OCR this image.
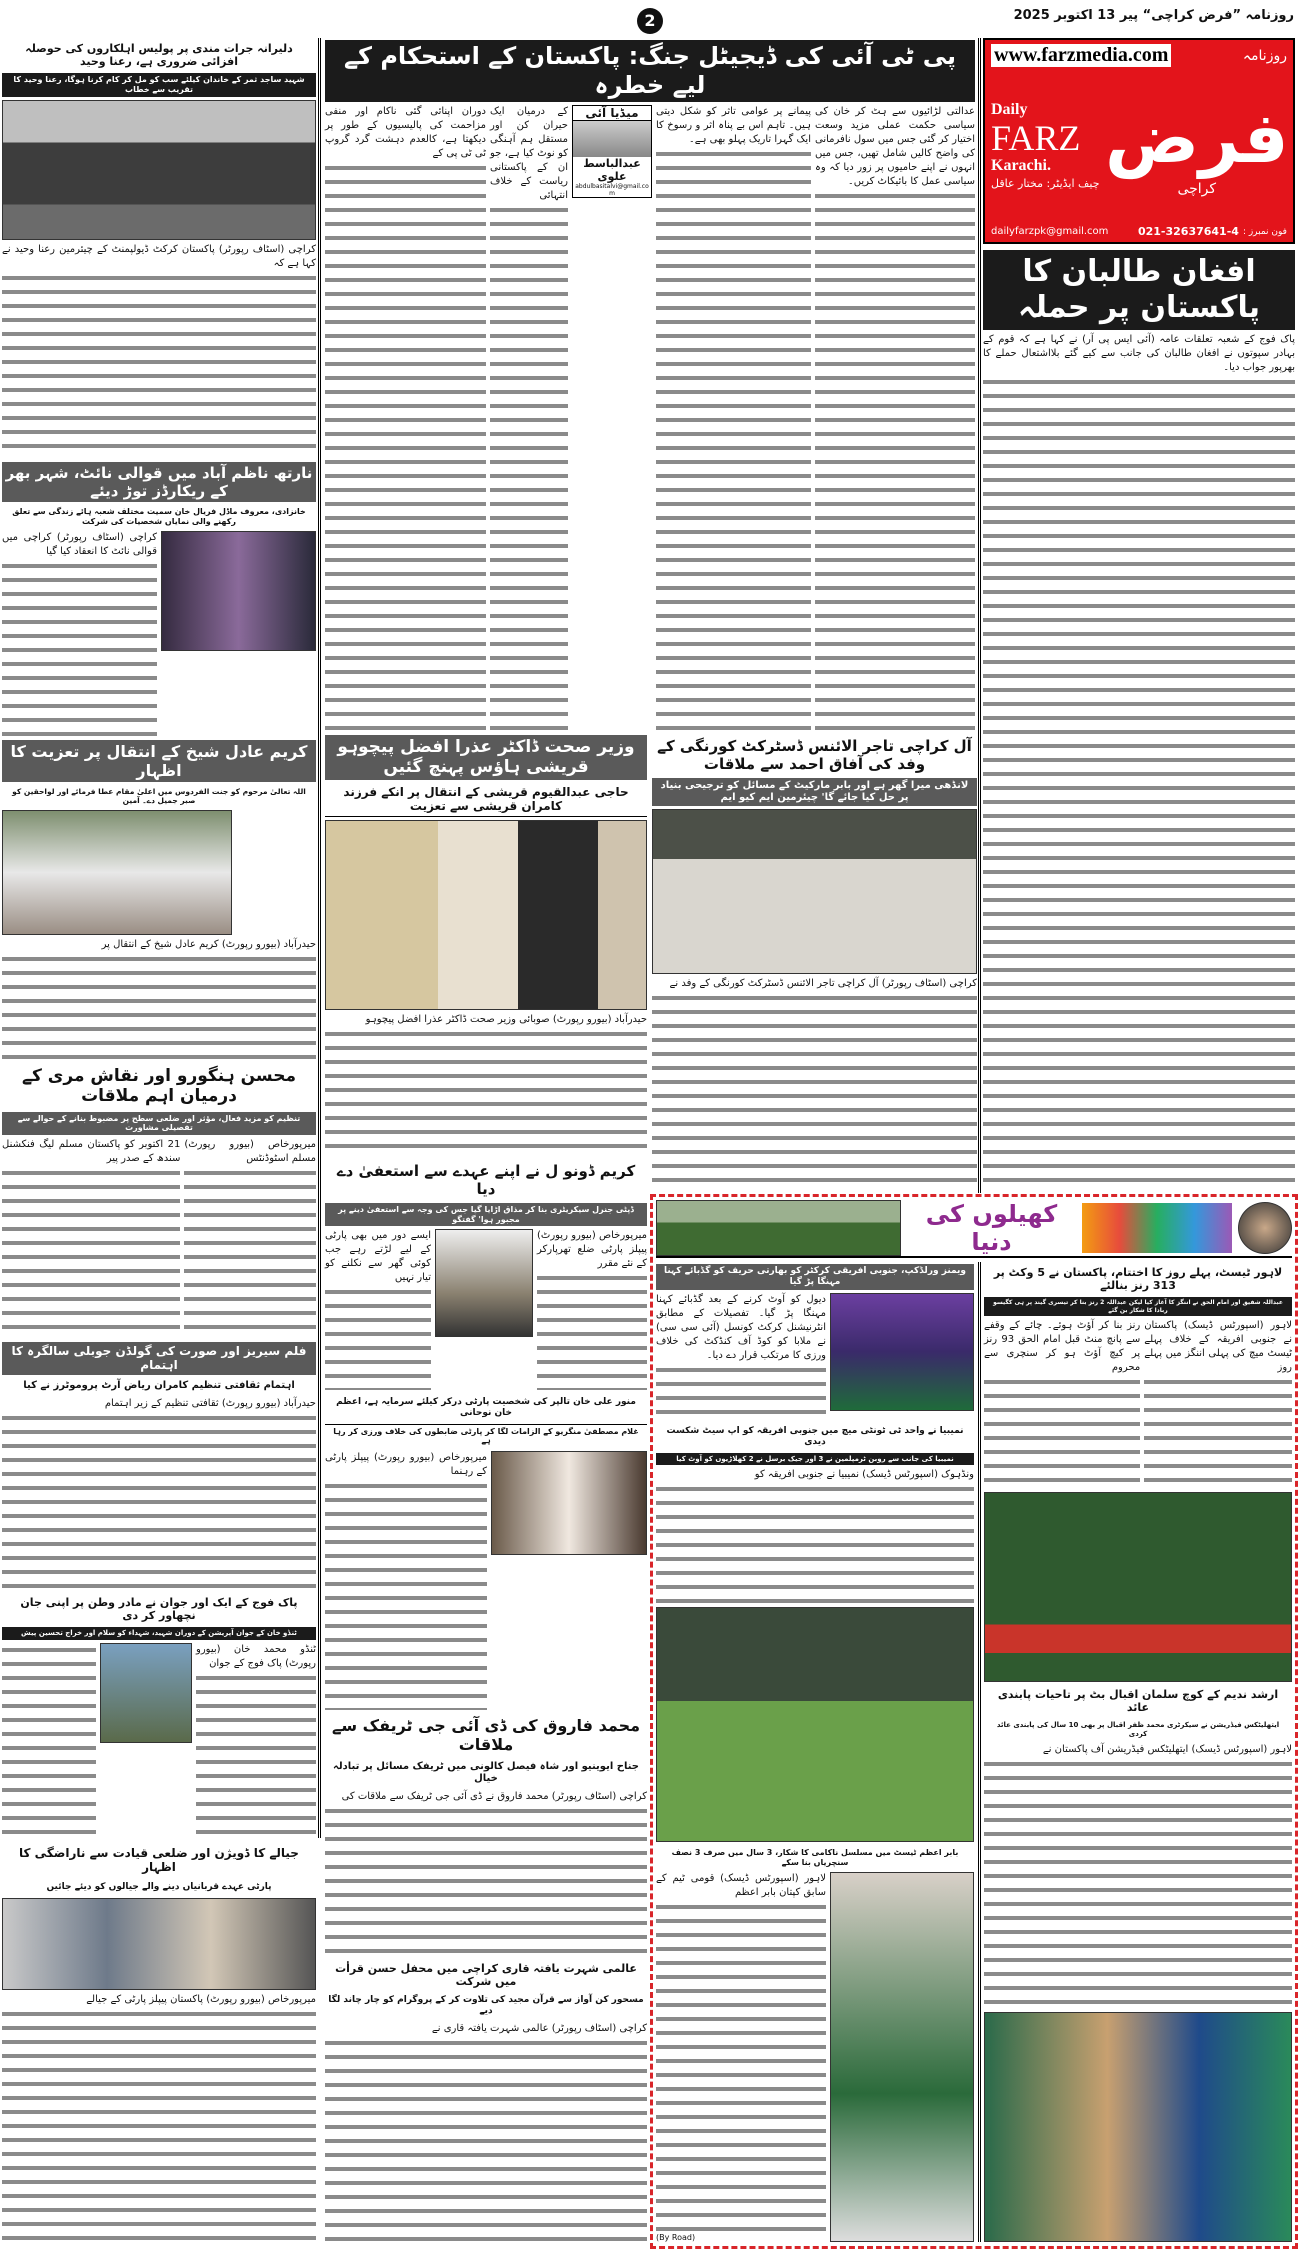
روزنامہ ”فرض کراچی“ پیر 13 اکتوبر 2025
2
www.farzmedia.com	روزنامہ
Daily
FARZ
Karachi.
چیف ایڈیٹر: مختار عاقل
فرض
کراچی
dailyfarzpk@gmail.com	021-32637641-4 فون نمبرز :
افغان طالبان کا پاکستان پر حملہ

پاک فوج کے شعبہ تعلقات عامہ (آئی ایس پی آر) نے کہا ہے کہ قوم کے بہادر سپوتوں نے افغان طالبان کی جانب سے کیے گئے بلااشتعال حملے کا بھرپور جواب دیا۔

پی ٹی آئی کی ڈیجیٹل جنگ: پاکستان کے استحکام کے لیے خطرہ

عدالتی لڑائیوں سے ہٹ کر خان کی سیاسی حکمت عملی مزید وسعت اختیار کر گئی جس میں سول نافرمانی کی واضح کالیں شامل تھیں، جس میں انہوں نے اپنے حامیوں پر زور دیا کہ وہ سیاسی عمل کا بائیکاٹ کریں۔

پیمانے پر عوامی تاثر کو شکل دیتی ہیں۔ تاہم اس بے پناہ اثر و رسوخ کا ایک گہرا تاریک پہلو بھی ہے۔

میڈیا آئی
عبدالباسط علوی
abdulbasitalvi@gmail.com

کے درمیان ایک حیران کن اور مستقل ہم آہنگی کو نوٹ کیا ہے، جو ان کے پاکستانی ریاست کے خلاف انتہائی

دوران اپنائی گئی ناکام اور منفی مزاحمت کی پالیسیوں کے طور پر دیکھتا ہے، کالعدم دہشت گرد گروپ ٹی ٹی پی کے

وزیر صحت ڈاکٹر عذرا افضل پیچوہو قریشی ہاؤس پہنچ گئیں
حاجی عبدالقیوم قریشی کے انتقال پر انکے فرزند کامران قریشی سے تعزیت

حیدرآباد (بیورو رپورٹ) صوبائی وزیر صحت ڈاکٹر عذرا افضل پیچوہو

آل کراچی تاجر الائنس ڈسٹرکٹ کورنگی کے وفد کی آفاق احمد سے ملاقات
لانڈھی میرا گھر ہے اور بابر مارکیٹ کے مسائل کو ترجیحی بنیاد پر حل کیا جائے گا' چیئرمین ایم کیو ایم

کراچی (اسٹاف رپورٹر) آل کراچی تاجر الائنس ڈسٹرکٹ کورنگی کے وفد نے

دلیرانہ جرات مندی پر پولیس اہلکاروں کی حوصلہ افزائی ضروری ہے، رعنا وحید
شہید ساجد ثمر کے خاندان کیلئے سب کو مل کر کام کرنا ہوگا، رعنا وحید کا تقریب سے خطاب

کراچی (اسٹاف رپورٹر) پاکستان کرکٹ ڈیولپمنٹ کے چیئرمین رعنا وحید نے کہا ہے کہ

نارتھ ناظم آباد میں قوالی نائٹ، شہر بھر کے ریکارڈز توڑ دیئے
خانزادی، معروف ماڈل فریال خان سمیت مختلف شعبہ ہائے زندگی سے تعلق رکھنے والی نمایاں شخصیات کی شرکت

کراچی (اسٹاف رپورٹر) کراچی میں قوالی نائٹ کا انعقاد کیا گیا

کریم عادل شیخ کے انتقال پر تعزیت کا اظہار
اللہ تعالیٰ مرحوم کو جنت الفردوس میں اعلیٰ مقام عطا فرمائے اور لواحقین کو صبر جمیل دے۔ آمین

حیدرآباد (بیورو رپورٹ) کریم عادل شیخ کے انتقال پر

محسن ہنگورو اور نقاش مری کے درمیان اہم ملاقات
تنظیم کو مزید فعال، مؤثر اور ضلعی سطح پر مضبوط بنانے کے حوالے سے تفصیلی مشاورت

میرپورخاص (بیورو رپورٹ) مسلم اسٹوڈنٹس

21 اکتوبر کو پاکستان مسلم لیگ فنکشنل سندھ کے صدر پیر

فلم سیریز اور صورت کی گولڈن جوبلی سالگرہ کا اہتمام
اہتمام ثقافتی تنظیم کامران ریاض آرٹ پروموٹرز نے کیا

حیدرآباد (بیورو رپورٹ) ثقافتی تنظیم کے زیر اہتمام

پاک فوج کے ایک اور جوان نے مادر وطن پر اپنی جان نچھاور کر دی
ٹنڈو خان کے جوان آپریشن کے دوران شہید، شہداء کو سلام اور خراج تحسین پیش

ٹنڈو محمد خان (بیورو رپورٹ) پاک فوج کے جوان

جیالے کا ڈویژن اور ضلعی قیادت سے ناراضگی کا اظہار
پارٹی عہدے قربانیاں دینے والے جیالوں کو دیئے جائیں

میرپورخاص (بیورو رپورٹ) پاکستان پیپلز پارٹی کے جیالے

کریم ڈونو ل نے اپنے عہدے سے استعفیٰ دے دیا
ڈپٹی جنرل سیکریٹری بنا کر مذاق اڑایا گیا جس کی وجہ سے استعفیٰ دینے پر مجبور ہوا' گفتگو

میرپورخاص (بیورو رپورٹ) پیپلز پارٹی ضلع تھرپارکر کے نئے مقرر

ایسے دور میں بھی پارٹی کے لیے لڑتے رہے جب کوئی گھر سے نکلنے کو تیار نہیں

منور علی خان تالپر کی شخصیت پارٹی درکر کیلئے سرمایہ ہے، اعظم خان نوحانی
غلام مصطفیٰ منگریو کے الزامات لگا کر پارٹی ضابطوں کی خلاف ورزی کر رہا ہے

میرپورخاص (بیورو رپورٹ) پیپلز پارٹی کے رہنما

محمد فاروق کی ڈی آئی جی ٹریفک سے ملاقات
جناح ایوینیو اور شاہ فیصل کالونی میں ٹریفک مسائل پر تبادلہ خیال

کراچی (اسٹاف رپورٹر) محمد فاروق نے ڈی آئی جی ٹریفک سے ملاقات کی

عالمی شہرت یافتہ قاری کراچی میں محفل حسن قرأت میں شرکت
مسحور کن آواز سے قرآن مجید کی تلاوت کر کے پروگرام کو چار چاند لگا دیے

کراچی (اسٹاف رپورٹر) عالمی شہرت یافتہ قاری نے

کھیلوں کی دنیا
ویمنز ورلڈکپ، جنوبی افریقی کرکٹر کو بھارتی حریف کو گڈبائے کہنا مہنگا پڑ گیا

دیول کو آوٹ کرنے کے بعد گڈبائے کہنا مہنگا پڑ گیا۔ تفصیلات کے مطابق انٹرنیشنل کرکٹ کونسل (آئی سی سی) نے ملابا کو کوڈ آف کنڈکٹ کی خلاف ورزی کا مرتکب قرار دے دیا۔

نمیبیا نے واحد ٹی ٹونٹی میچ میں جنوبی افریقہ کو اپ سیٹ شکست دیدی
نمیبیا کی جانب سے روبن ٹرمپلمین نے 3 اور جیک برسل نے 2 کھلاڑیوں کو آوٹ کیا

ونڈہوک (اسپورٹس ڈیسک) نمیبیا نے جنوبی افریقہ کو

بابر اعظم ٹیسٹ میں مسلسل ناکامی کا شکار، 3 سال میں صرف 3 نصف سنچریاں بنا سکے

لاہور (اسپورٹس ڈیسک) قومی ٹیم کے سابق کپتان بابر اعظم

(By Road)
لاہور ٹیسٹ، پہلے روز کا اختتام، پاکستان نے 5 وکٹ پر 313 رنز بنالئے
عبداللہ شفیق اور امام الحق نے اننگز کا آغاز کیا لیکن عبداللہ 2 رنز بنا کر تیسری گیند پر ہی کگیسو ربادا کا شکار بن گئے

لاہور (اسپورٹس ڈیسک) پاکستان نے جنوبی افریقہ کے خلاف پہلے ٹیسٹ میچ کی پہلی اننگز میں پہلے روز

رنز بنا کر آؤٹ ہوئے۔ چائے کے وقفے سے پانچ منٹ قبل امام الحق 93 رنز پر کیچ آؤٹ ہو کر سنچری سے محروم

ارشد ندیم کے کوچ سلمان اقبال بٹ پر تاحیات پابندی عائد
ایتھلیٹکس فیڈریشن نے سیکرٹری محمد ظفر اقبال پر بھی 10 سال کی پابندی عائد کردی

لاہور (اسپورٹس ڈیسک) ایتھلیٹکس فیڈریشن آف پاکستان نے
